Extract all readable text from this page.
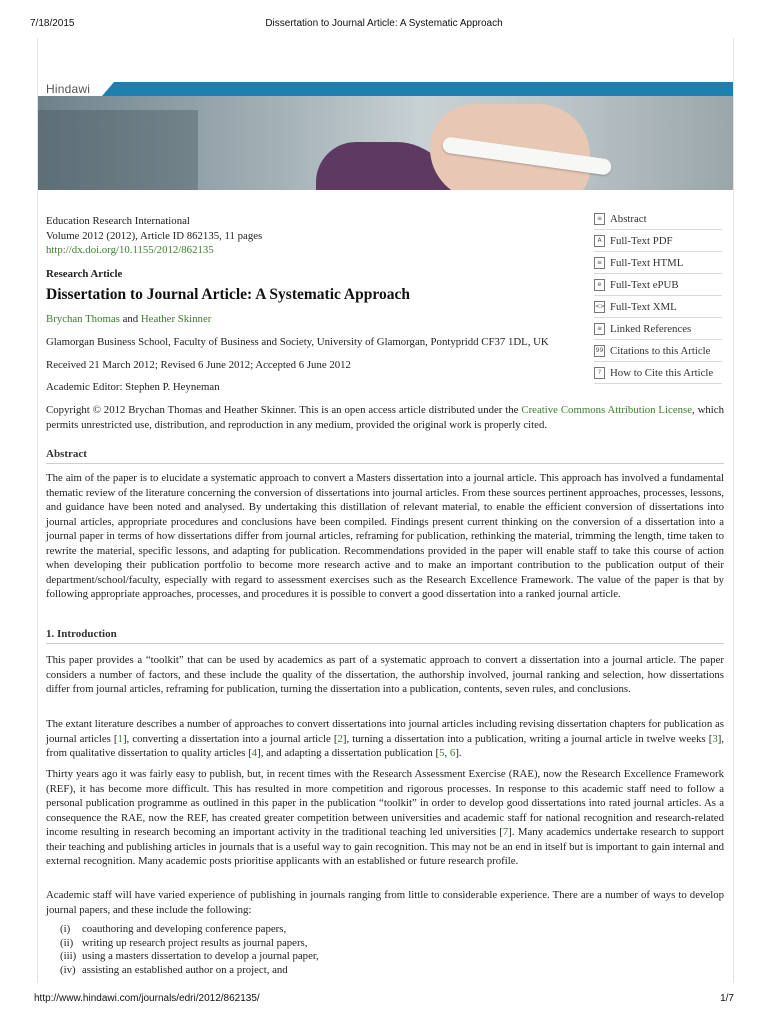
7/18/2015	Dissertation to Journal Article: A Systematic Approach
Hindawi
Education Research International
Volume 2012 (2012), Article ID 862135, 11 pages
http://dx.doi.org/10.1155/2012/862135
Research Article
Dissertation to Journal Article: A Systematic Approach
Brychan Thomas and Heather Skinner
Glamorgan Business School, Faculty of Business and Society, University of Glamorgan, Pontypridd CF37 1DL, UK
Received 21 March 2012; Revised 6 June 2012; Accepted 6 June 2012
Academic Editor: Stephen P. Heyneman
Copyright © 2012 Brychan Thomas and Heather Skinner. This is an open access article distributed under the Creative Commons Attribution License, which permits unrestricted use, distribution, and reproduction in any medium, provided the original work is properly cited.
≡ Abstract
A Full-Text PDF
≡ Full-Text HTML
e Full-Text ePUB
<> Full-Text XML
≡ Linked References
99 Citations to this Article
? How to Cite this Article
Abstract
The aim of the paper is to elucidate a systematic approach to convert a Masters dissertation into a journal article. This approach has involved a fundamental thematic review of the literature concerning the conversion of dissertations into journal articles. From these sources pertinent approaches, processes, lessons, and guidance have been noted and analysed. By undertaking this distillation of relevant material, to enable the efficient conversion of dissertations into journal articles, appropriate procedures and conclusions have been compiled. Findings present current thinking on the conversion of a dissertation into a journal paper in terms of how dissertations differ from journal articles, reframing for publication, rethinking the material, trimming the length, time taken to rewrite the material, specific lessons, and adapting for publication. Recommendations provided in the paper will enable staff to take this course of action when developing their publication portfolio to become more research active and to make an important contribution to the publication output of their department/school/faculty, especially with regard to assessment exercises such as the Research Excellence Framework. The value of the paper is that by following appropriate approaches, processes, and procedures it is possible to convert a good dissertation into a ranked journal article.
1. Introduction
This paper provides a “toolkit” that can be used by academics as part of a systematic approach to convert a dissertation into a journal article. The paper considers a number of factors, and these include the quality of the dissertation, the authorship involved, journal ranking and selection, how dissertations differ from journal articles, reframing for publication, turning the dissertation into a publication, contents, seven rules, and conclusions.
The extant literature describes a number of approaches to convert dissertations into journal articles including revising dissertation chapters for publication as journal articles [1], converting a dissertation into a journal article [2], turning a dissertation into a publication, writing a journal article in twelve weeks [3], from qualitative dissertation to quality articles [4], and adapting a dissertation publication [5, 6].
Thirty years ago it was fairly easy to publish, but, in recent times with the Research Assessment Exercise (RAE), now the Research Excellence Framework (REF), it has become more difficult. This has resulted in more competition and rigorous processes. In response to this academic staff need to follow a personal publication programme as outlined in this paper in the publication “toolkit” in order to develop good dissertations into rated journal articles. As a consequence the RAE, now the REF, has created greater competition between universities and academic staff for national recognition and research-related income resulting in research becoming an important activity in the traditional teaching led universities [7]. Many academics undertake research to support their teaching and publishing articles in journals that is a useful way to gain recognition. This may not be an end in itself but is important to gain internal and external recognition. Many academic posts prioritise applicants with an established or future research profile.
Academic staff will have varied experience of publishing in journals ranging from little to considerable experience. There are a number of ways to develop journal papers, and these include the following:
(i)	coauthoring and developing conference papers,
(ii) writing up research project results as journal papers,
(iii) using a masters dissertation to develop a journal paper,
(iv) assisting an established author on a project, and
http://www.hindawi.com/journals/edri/2012/862135/	1/7
